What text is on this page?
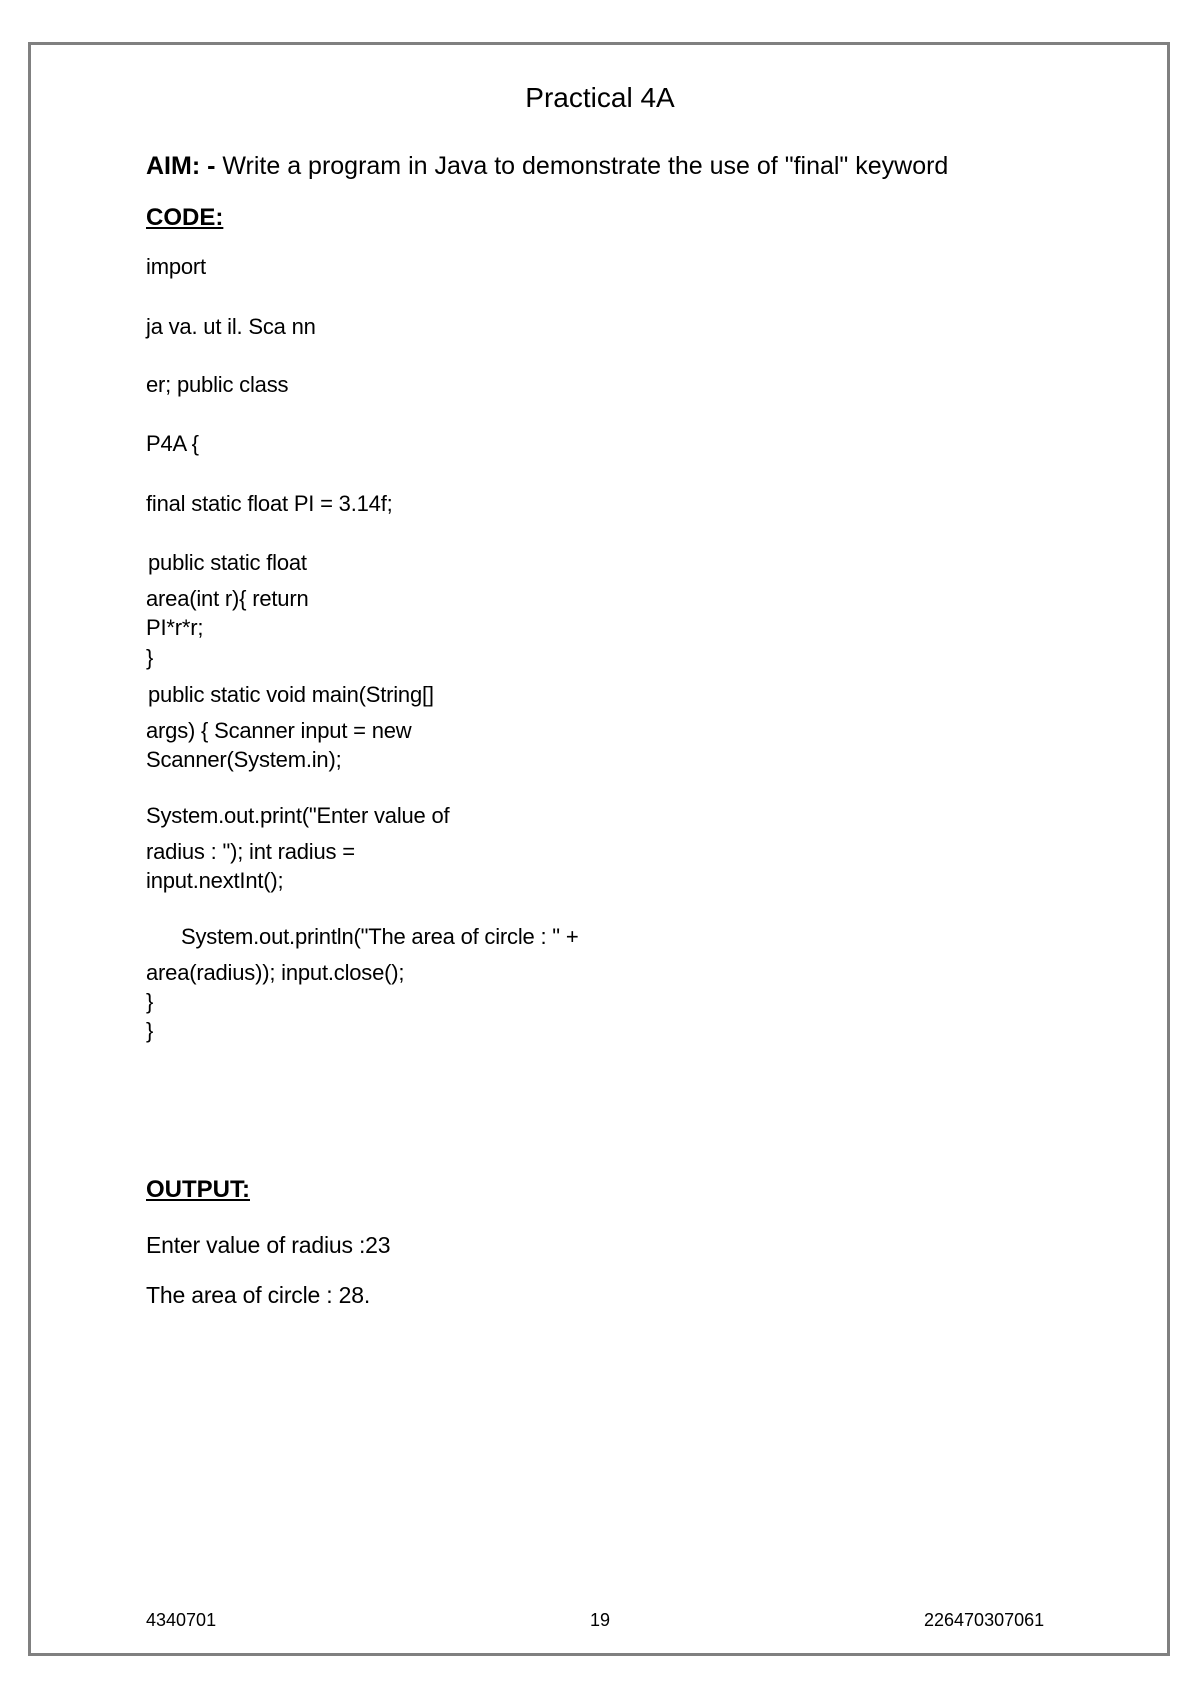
Practical 4A
AIM: - Write a program in Java to demonstrate the use of "final" keyword
CODE:
import
ja va. ut il. Sca nn
er; public class
P4A {
final static float PI = 3.14f;
public static float
area(int r){ return
PI*r*r;
}
public static void main(String[]
args) { Scanner input = new
Scanner(System.in);
System.out.print("Enter value of
radius : "); int radius =
input.nextInt();
System.out.println("The area of circle : " +
area(radius)); input.close();
}
}
OUTPUT:
Enter value of radius :23
The area of circle : 28.
4340701	19	226470307061
